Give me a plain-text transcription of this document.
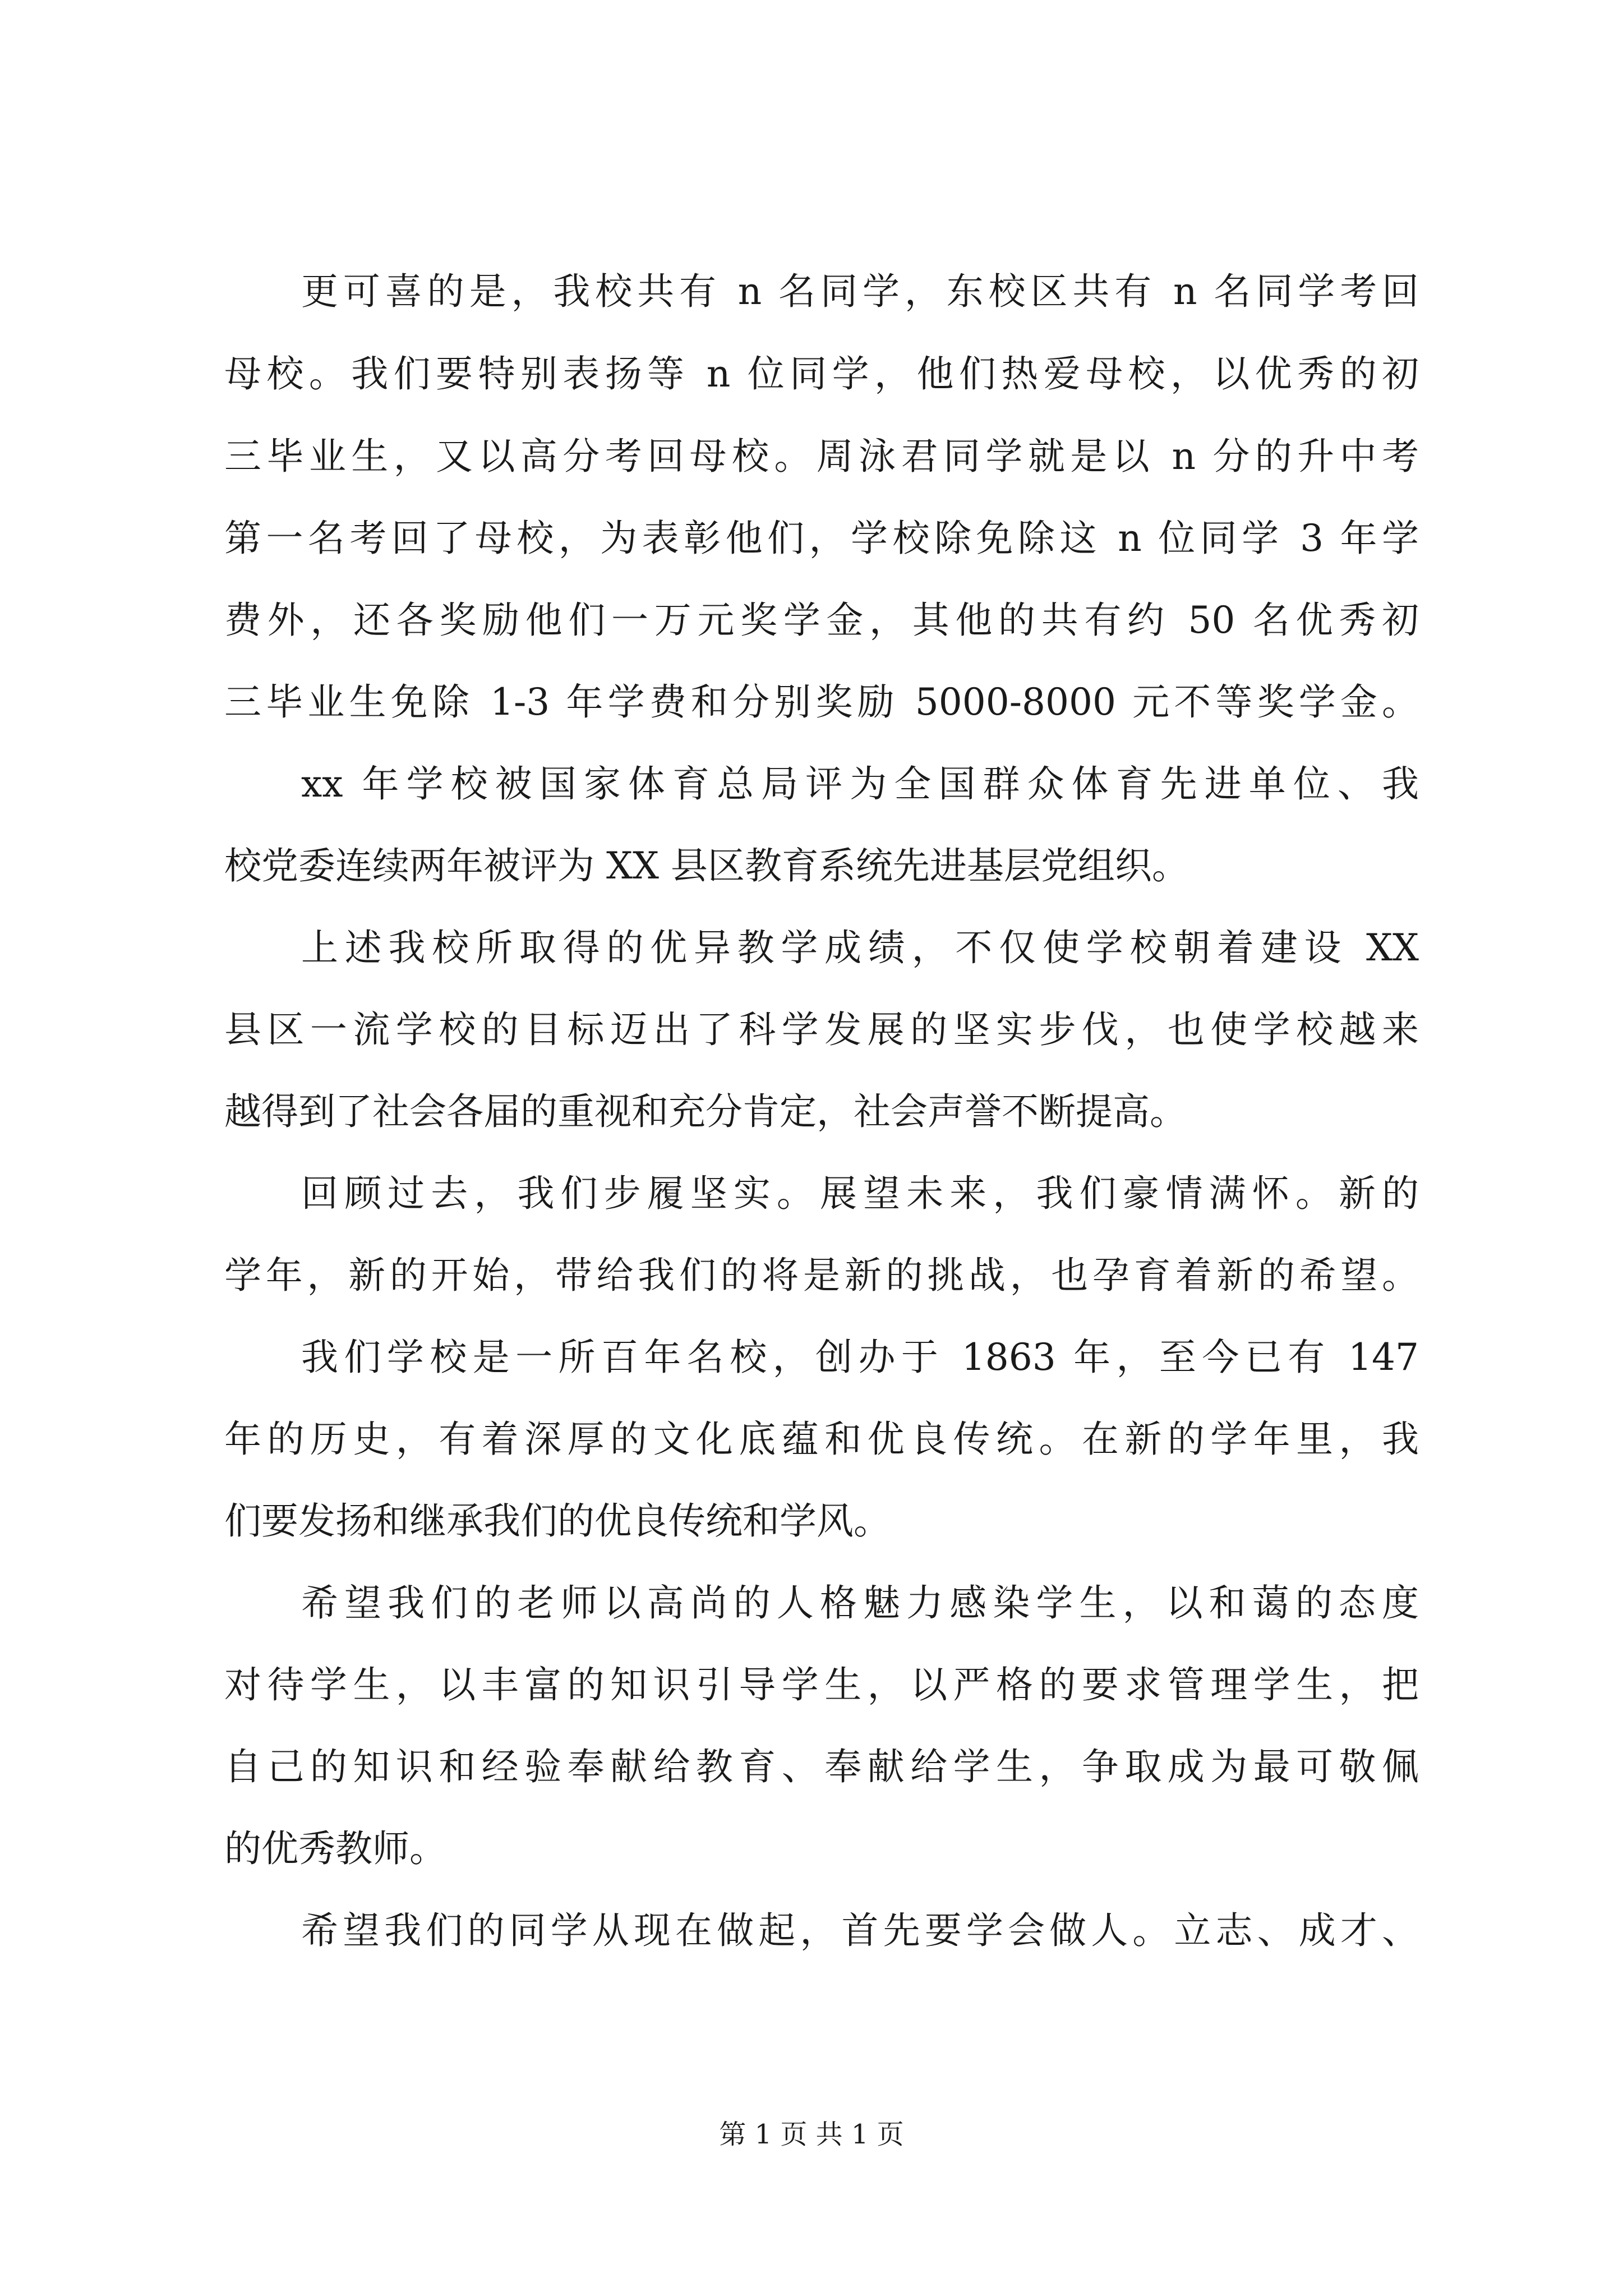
更可喜的是，我校共有 n 名同学，东校区共有 n 名同学考回
母校。我们要特别表扬等 n 位同学，他们热爱母校，以优秀的初
三毕业生，又以高分考回母校。周泳君同学就是以 n 分的升中考
第一名考回了母校，为表彰他们，学校除免除这 n 位同学 3 年学
费外，还各奖励他们一万元奖学金，其他的共有约 50 名优秀初
三毕业生免除 1-3 年学费和分别奖励 5000-8000 元不等奖学金。
xx 年学校被国家体育总局评为全国群众体育先进单位、我
校党委连续两年被评为 XX 县区教育系统先进基层党组织。
上述我校所取得的优异教学成绩，不仅使学校朝着建设 XX
县区一流学校的目标迈出了科学发展的坚实步伐，也使学校越来
越得到了社会各届的重视和充分肯定，社会声誉不断提高。
回顾过去，我们步履坚实。展望未来，我们豪情满怀。新的
学年，新的开始，带给我们的将是新的挑战，也孕育着新的希望。
我们学校是一所百年名校，创办于 1863 年，至今已有 147
年的历史，有着深厚的文化底蕴和优良传统。在新的学年里，我
们要发扬和继承我们的优良传统和学风。
希望我们的老师以高尚的人格魅力感染学生，以和蔼的态度
对待学生，以丰富的知识引导学生，以严格的要求管理学生，把
自己的知识和经验奉献给教育、奉献给学生，争取成为最可敬佩
的优秀教师。
希望我们的同学从现在做起，首先要学会做人。立志、成才、
第 1 页 共 1 页
